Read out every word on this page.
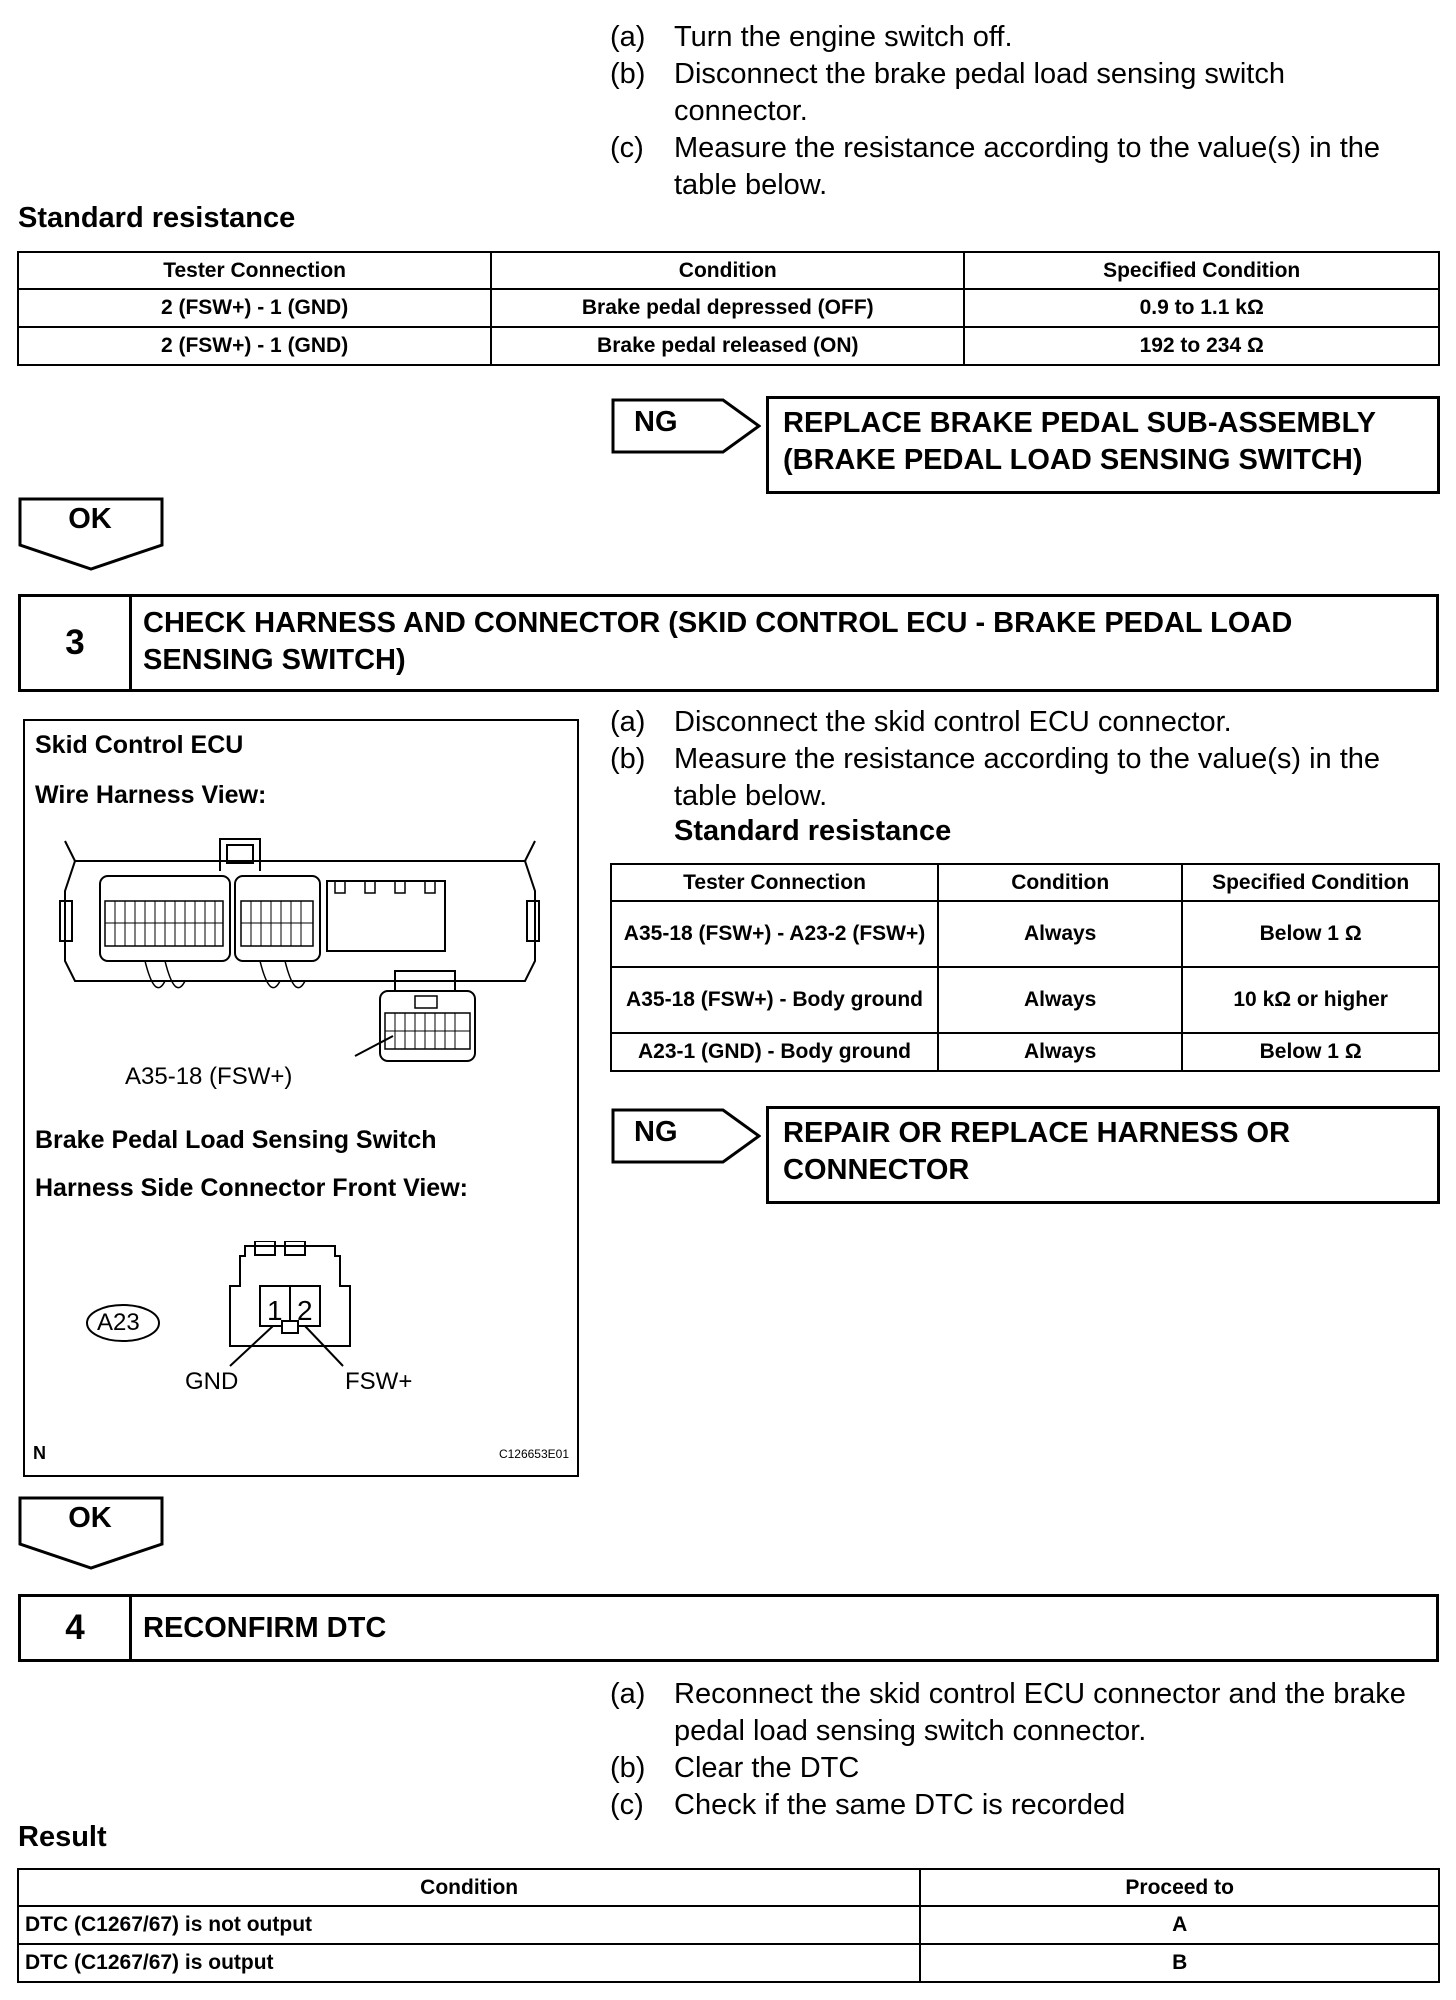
(a) Turn the engine switch off.
(b) Disconnect the brake pedal load sensing switch connector.
(c)	Measure the resistance according to the value(s) in the table below.
Standard resistance
Tester Connection	Condition	Specified Condition
2 (FSW+) - 1 (GND)	Brake pedal depressed (OFF)	0.9 to 1.1 kΩ
2 (FSW+) - 1 (GND)	Brake pedal released (ON)	192 to 234 Ω
NG	REPLACE BRAKE PEDAL SUB-ASSEMBLY (BRAKE PEDAL LOAD SENSING SWITCH)
OK
3	CHECK HARNESS AND CONNECTOR (SKID CONTROL ECU - BRAKE PEDAL LOAD SENSING SWITCH)
Skid Control ECU
Wire Harness View:
A35-18 (FSW+)
Brake Pedal Load Sensing Switch
Harness Side Connector Front View:
1 2
GND	FSW+
A23
N	C126653E01
(a) Disconnect the skid control ECU connector.
(b) Measure the resistance according to the value(s) in the table below.
Standard resistance
Tester Connection	Condition	Specified Condition
A35-18 (FSW+) - A23-2 (FSW+)	Always	Below 1 Ω
A35-18 (FSW+) - Body ground	Always	10 kΩ or higher
A23-1 (GND) - Body ground	Always	Below 1 Ω
NG	REPAIR OR REPLACE HARNESS OR CONNECTOR
OK
4	RECONFIRM DTC
(a) Reconnect the skid control ECU connector and the brake pedal load sensing switch connector.
(b) Clear the DTC
(c)	Check if the same DTC is recorded
Result
Condition	Proceed to
DTC (C1267/67) is not output	A
DTC (C1267/67) is output	B
